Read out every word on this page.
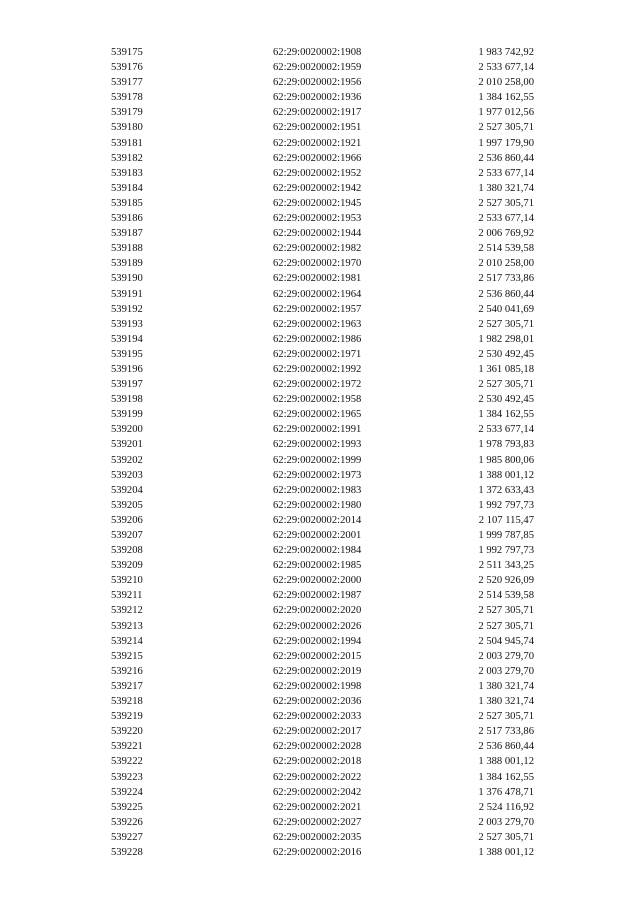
539175	62:29:0020002:1908	1 983 742,92
539176	62:29:0020002:1959	2 533 677,14
539177	62:29:0020002:1956	2 010 258,00
539178	62:29:0020002:1936	1 384 162,55
539179	62:29:0020002:1917	1 977 012,56
539180	62:29:0020002:1951	2 527 305,71
539181	62:29:0020002:1921	1 997 179,90
539182	62:29:0020002:1966	2 536 860,44
539183	62:29:0020002:1952	2 533 677,14
539184	62:29:0020002:1942	1 380 321,74
539185	62:29:0020002:1945	2 527 305,71
539186	62:29:0020002:1953	2 533 677,14
539187	62:29:0020002:1944	2 006 769,92
539188	62:29:0020002:1982	2 514 539,58
539189	62:29:0020002:1970	2 010 258,00
539190	62:29:0020002:1981	2 517 733,86
539191	62:29:0020002:1964	2 536 860,44
539192	62:29:0020002:1957	2 540 041,69
539193	62:29:0020002:1963	2 527 305,71
539194	62:29:0020002:1986	1 982 298,01
539195	62:29:0020002:1971	2 530 492,45
539196	62:29:0020002:1992	1 361 085,18
539197	62:29:0020002:1972	2 527 305,71
539198	62:29:0020002:1958	2 530 492,45
539199	62:29:0020002:1965	1 384 162,55
539200	62:29:0020002:1991	2 533 677,14
539201	62:29:0020002:1993	1 978 793,83
539202	62:29:0020002:1999	1 985 800,06
539203	62:29:0020002:1973	1 388 001,12
539204	62:29:0020002:1983	1 372 633,43
539205	62:29:0020002:1980	1 992 797,73
539206	62:29:0020002:2014	2 107 115,47
539207	62:29:0020002:2001	1 999 787,85
539208	62:29:0020002:1984	1 992 797,73
539209	62:29:0020002:1985	2 511 343,25
539210	62:29:0020002:2000	2 520 926,09
539211	62:29:0020002:1987	2 514 539,58
539212	62:29:0020002:2020	2 527 305,71
539213	62:29:0020002:2026	2 527 305,71
539214	62:29:0020002:1994	2 504 945,74
539215	62:29:0020002:2015	2 003 279,70
539216	62:29:0020002:2019	2 003 279,70
539217	62:29:0020002:1998	1 380 321,74
539218	62:29:0020002:2036	1 380 321,74
539219	62:29:0020002:2033	2 527 305,71
539220	62:29:0020002:2017	2 517 733,86
539221	62:29:0020002:2028	2 536 860,44
539222	62:29:0020002:2018	1 388 001,12
539223	62:29:0020002:2022	1 384 162,55
539224	62:29:0020002:2042	1 376 478,71
539225	62:29:0020002:2021	2 524 116,92
539226	62:29:0020002:2027	2 003 279,70
539227	62:29:0020002:2035	2 527 305,71
539228	62:29:0020002:2016	1 388 001,12
